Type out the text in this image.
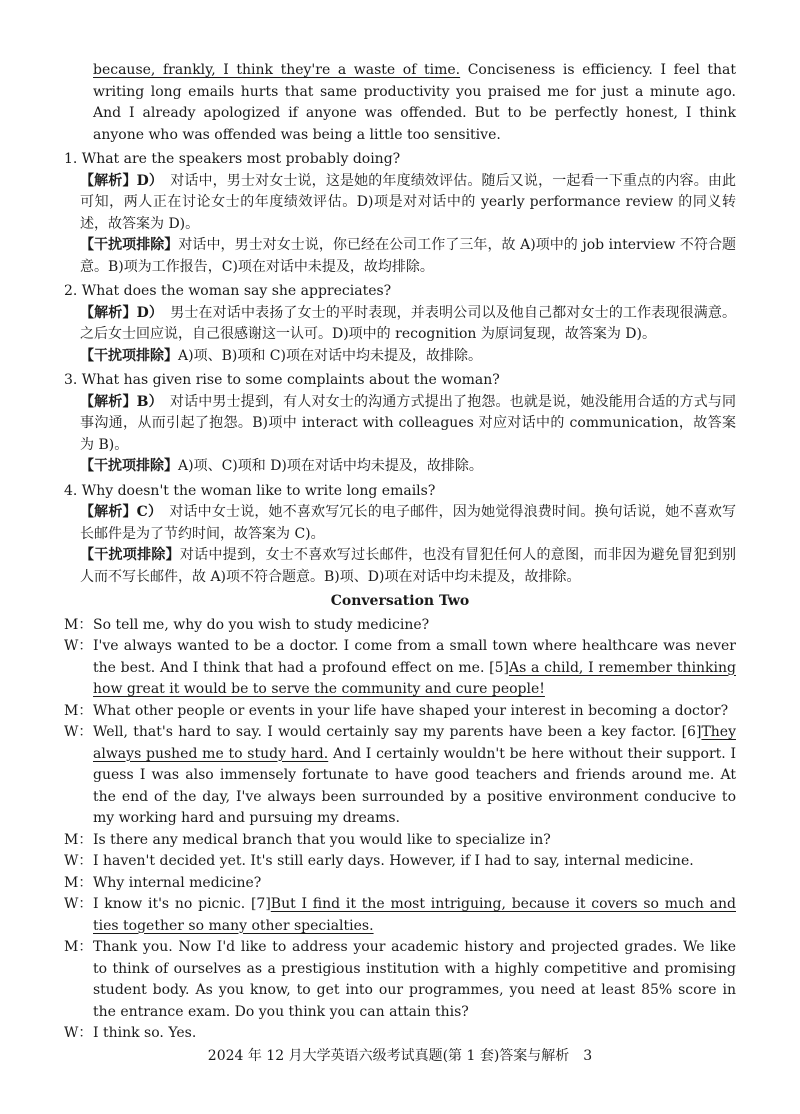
because, frankly, I think they're a waste of time. Conciseness is efficiency. I feel that writing long emails hurts that same productivity you praised me for just a minute ago. And I already apologized if anyone was offended. But to be perfectly honest, I think anyone who was offended was being a little too sensitive.

1. What are the speakers most probably doing?

【解析】D）　对话中，男士对女士说，这是她的年度绩效评估。随后又说，一起看一下重点的内容。由此可知，两人正在讨论女士的年度绩效评估。D)项是对对话中的 yearly performance review 的同义转述，故答案为 D)。

【干扰项排除】对话中，男士对女士说，你已经在公司工作了三年，故 A)项中的 job interview 不符合题意。B)项为工作报告，C)项在对话中未提及，故均排除。

2. What does the woman say she appreciates?

【解析】D）　男士在对话中表扬了女士的平时表现，并表明公司以及他自己都对女士的工作表现很满意。之后女士回应说，自己很感谢这一认可。D)项中的 recognition 为原词复现，故答案为 D)。

【干扰项排除】A)项、B)项和 C)项在对话中均未提及，故排除。

3. What has given rise to some complaints about the woman?

【解析】B）　对话中男士提到，有人对女士的沟通方式提出了抱怨。也就是说，她没能用合适的方式与同事沟通，从而引起了抱怨。B)项中 interact with colleagues 对应对话中的 communication，故答案为 B)。

【干扰项排除】A)项、C)项和 D)项在对话中均未提及，故排除。

4. Why doesn't the woman like to write long emails?

【解析】C）　对话中女士说，她不喜欢写冗长的电子邮件，因为她觉得浪费时间。换句话说，她不喜欢写长邮件是为了节约时间，故答案为 C)。

【干扰项排除】对话中提到，女士不喜欢写过长邮件，也没有冒犯任何人的意图，而非因为避免冒犯到别人而不写长邮件，故 A)项不符合题意。B)项、D)项在对话中均未提及，故排除。

Conversation Two
M： So tell me, why do you wish to study medicine?
W： I've always wanted to be a doctor. I come from a small town where healthcare was never the best. And I think that had a profound effect on me. [5]As a child, I remember thinking how great it would be to serve the community and cure people!
M： What other people or events in your life have shaped your interest in becoming a doctor?
W： Well, that's hard to say. I would certainly say my parents have been a key factor. [6]They always pushed me to study hard. And I certainly wouldn't be here without their support. I guess I was also immensely fortunate to have good teachers and friends around me. At the end of the day, I've always been surrounded by a positive environment conducive to my working hard and pursuing my dreams.
M： Is there any medical branch that you would like to specialize in?
W： I haven't decided yet. It's still early days. However, if I had to say, internal medicine.
M： Why internal medicine?
W： I know it's no picnic. [7]But I find it the most intriguing, because it covers so much and ties together so many other specialties.
M： Thank you. Now I'd like to address your academic history and projected grades. We like to think of ourselves as a prestigious institution with a highly competitive and promising student body. As you know, to get into our programmes, you need at least 85% score in the entrance exam. Do you think you can attain this?
W： I think so. Yes.
2024 年 12 月大学英语六级考试真题(第 1 套)答案与解析　3
